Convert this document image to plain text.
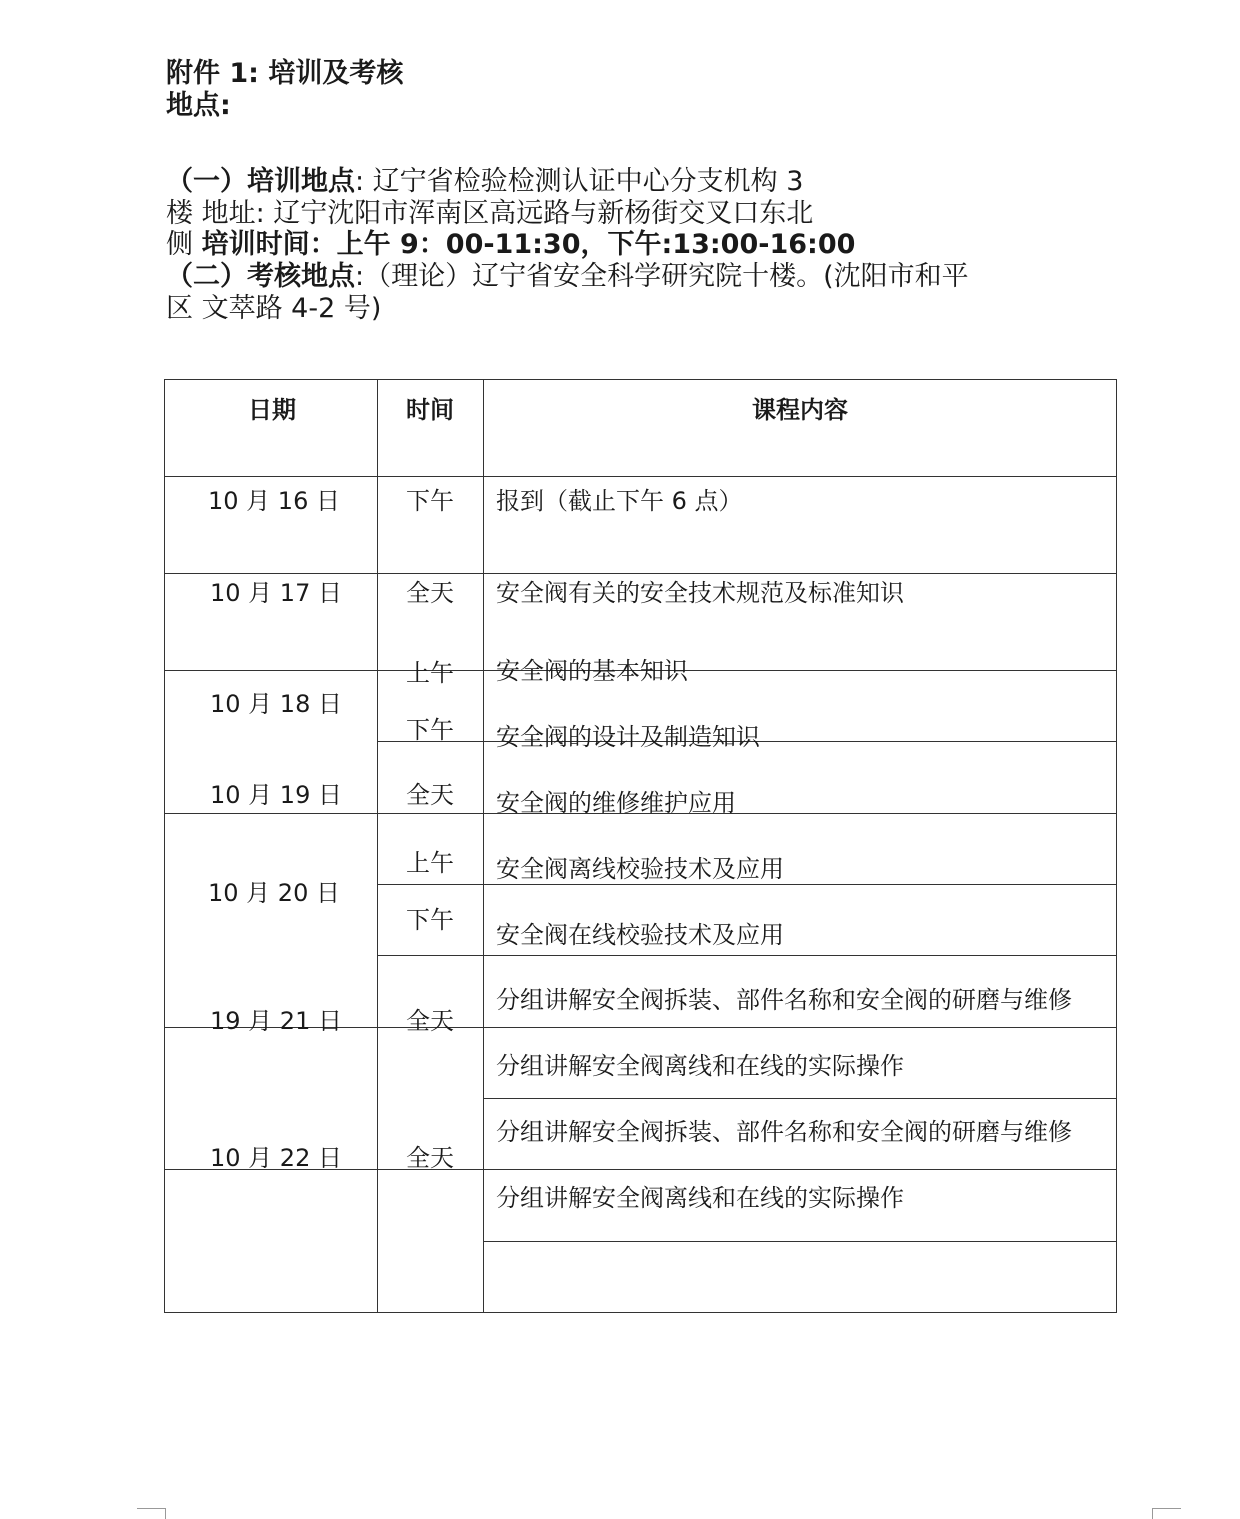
附件 1: 培训及考核地点:
（一）培训地点: 辽宁省检验检测认证中心分支机构 3
楼 地址: 辽宁沈阳市浑南区高远路与新杨街交叉口东北
侧 培训时间：上午 9：00-11:30，下午:13:00-16:00
（二）考核地点:（理论）辽宁省安全科学研究院十楼。(沈阳市和平
区 文萃路 4-2 号)
日期	时间	课程内容
10 月 16 日
10 月 17 日
10 月 18 日
10 月 19 日
10 月 20 日
19 月 21 日
10 月 22 日
下午
全天
上午
下午
全天
上午
下午
全天
全天
报到（截止下午 6 点）
安全阀有关的安全技术规范及标准知识
安全阀的基本知识
安全阀的设计及制造知识
安全阀的维修维护应用
安全阀离线校验技术及应用
安全阀在线校验技术及应用
分组讲解安全阀拆装、部件名称和安全阀的研磨与维修
分组讲解安全阀离线和在线的实际操作
分组讲解安全阀拆装、部件名称和安全阀的研磨与维修
分组讲解安全阀离线和在线的实际操作
